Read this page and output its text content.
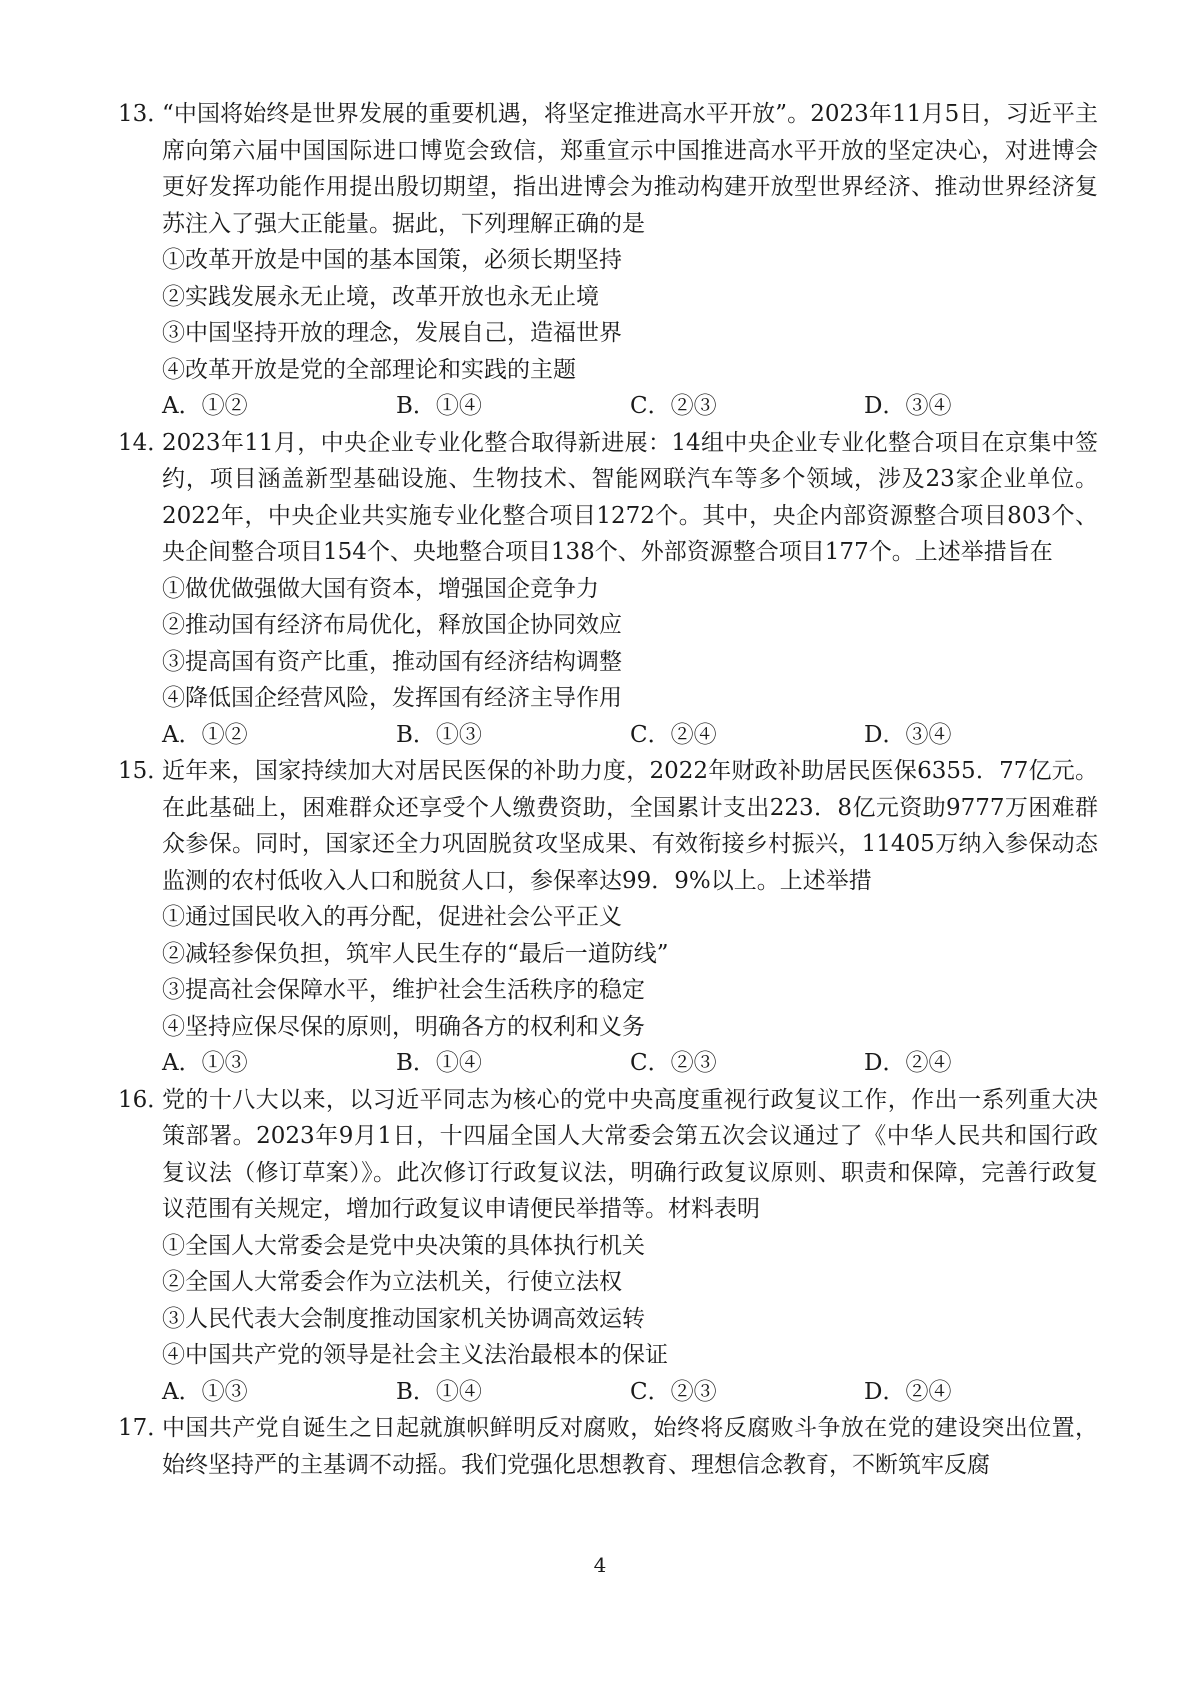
13．
“中国将始终是世界发展的重要机遇，将坚定推进高水平开放”。2023年11月5日，习近平主席向第六届中国国际进口博览会致信，郑重宣示中国推进高水平开放的坚定决心，对进博会更好发挥功能作用提出殷切期望，指出进博会为推动构建开放型世界经济、推动世界经济复苏注入了强大正能量。据此，下列理解正确的是
①改革开放是中国的基本国策，必须长期坚持
②实践发展永无止境，改革开放也永无止境
③中国坚持开放的理念，发展自己，造福世界
④改革开放是党的全部理论和实践的主题
A．①②	B．①④	C．②③	D．③④
14．
2023年11月，中央企业专业化整合取得新进展：14组中央企业专业化整合项目在京集中签约，项目涵盖新型基础设施、生物技术、智能网联汽车等多个领域，涉及23家企业单位。2022年，中央企业共实施专业化整合项目1272个。其中，央企内部资源整合项目803个、央企间整合项目154个、央地整合项目138个、外部资源整合项目177个。上述举措旨在
①做优做强做大国有资本，增强国企竞争力
②推动国有经济布局优化，释放国企协同效应
③提高国有资产比重，推动国有经济结构调整
④降低国企经营风险，发挥国有经济主导作用
A．①②	B．①③	C．②④	D．③④
15．
近年来，国家持续加大对居民医保的补助力度，2022年财政补助居民医保6355．77亿元。在此基础上，困难群众还享受个人缴费资助，全国累计支出223．8亿元资助9777万困难群众参保。同时，国家还全力巩固脱贫攻坚成果、有效衔接乡村振兴，11405万纳入参保动态监测的农村低收入人口和脱贫人口，参保率达99．9%以上。上述举措
①通过国民收入的再分配，促进社会公平正义
②减轻参保负担，筑牢人民生存的“最后一道防线”
③提高社会保障水平，维护社会生活秩序的稳定
④坚持应保尽保的原则，明确各方的权利和义务
A．①③	B．①④	C．②③	D．②④
16．
党的十八大以来，以习近平同志为核心的党中央高度重视行政复议工作，作出一系列重大决策部署。2023年9月1日，十四届全国人大常委会第五次会议通过了《中华人民共和国行政复议法（修订草案）》。此次修订行政复议法，明确行政复议原则、职责和保障，完善行政复议范围有关规定，增加行政复议申请便民举措等。材料表明
①全国人大常委会是党中央决策的具体执行机关
②全国人大常委会作为立法机关，行使立法权
③人民代表大会制度推动国家机关协调高效运转
④中国共产党的领导是社会主义法治最根本的保证
A．①③	B．①④	C．②③	D．②④
17．
中国共产党自诞生之日起就旗帜鲜明反对腐败，始终将反腐败斗争放在党的建设突出位置，始终坚持严的主基调不动摇。我们党强化思想教育、理想信念教育，不断筑牢反腐
4
